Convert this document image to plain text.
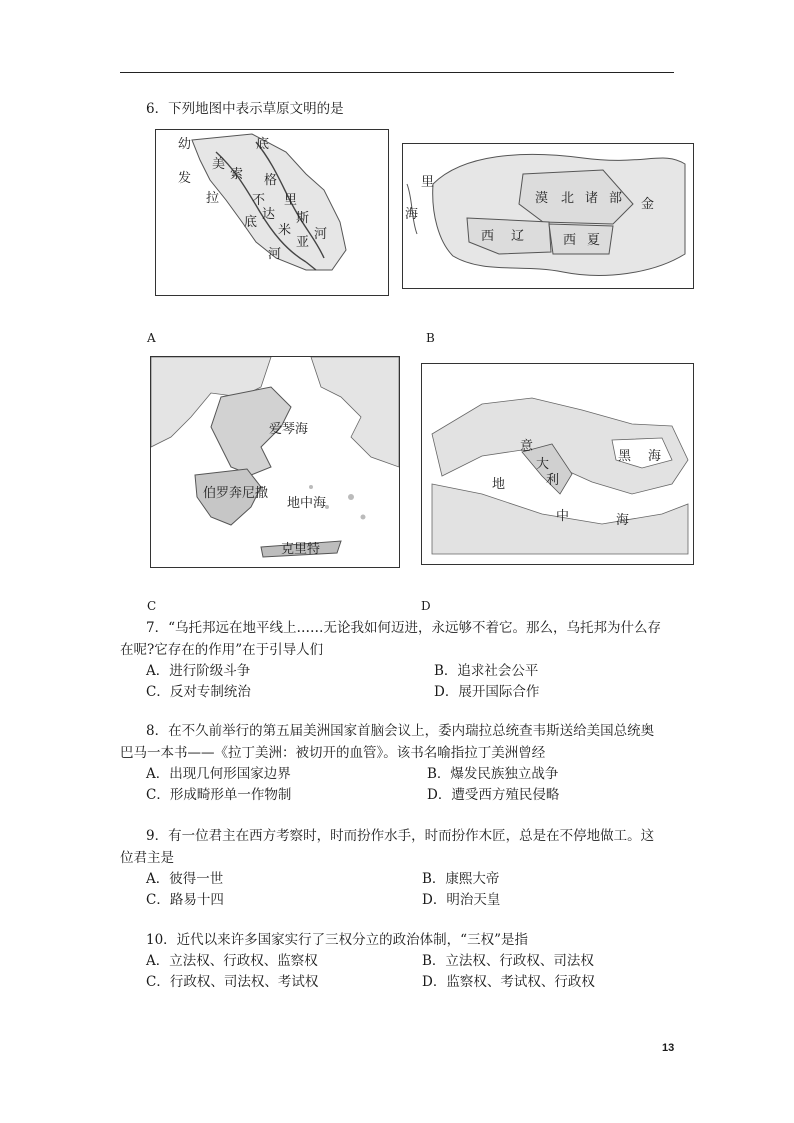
6．下列地图中表示草原文明的是
幼
发
拉
底
底
格
里
斯
河
美
索
不
达
米
亚
河
A
里
海
漠 北 诸 部 金
西 辽	西 夏
B
爱琴海
伯罗奔尼撒
地中海
克里特
C
意
大
利
黑 海
地
中	海
D
7．“乌托邦远在地平线上……无论我如何迈进，永远够不着它。那么，乌托邦为什么存
在呢?它存在的作用”在于引导人们
A．进行阶级斗争	B．追求社会公平
C．反对专制统治	D．展开国际合作
8．在不久前举行的第五届美洲国家首脑会议上，委内瑞拉总统查韦斯送给美国总统奥
巴马一本书——《拉丁美洲：被切开的血管》。该书名喻指拉丁美洲曾经
A．出现几何形国家边界	B．爆发民族独立战争
C．形成畸形单一作物制	D．遭受西方殖民侵略
9．有一位君主在西方考察时，时而扮作水手，时而扮作木匠，总是在不停地做工。这
位君主是
A．彼得一世	B．康熙大帝
C．路易十四	D．明治天皇
10．近代以来许多国家实行了三权分立的政治体制，“三权”是指
A．立法权、行政权、监察权	B．立法权、行政权、司法权
C．行政权、司法权、考试权	D．监察权、考试权、行政权
13
